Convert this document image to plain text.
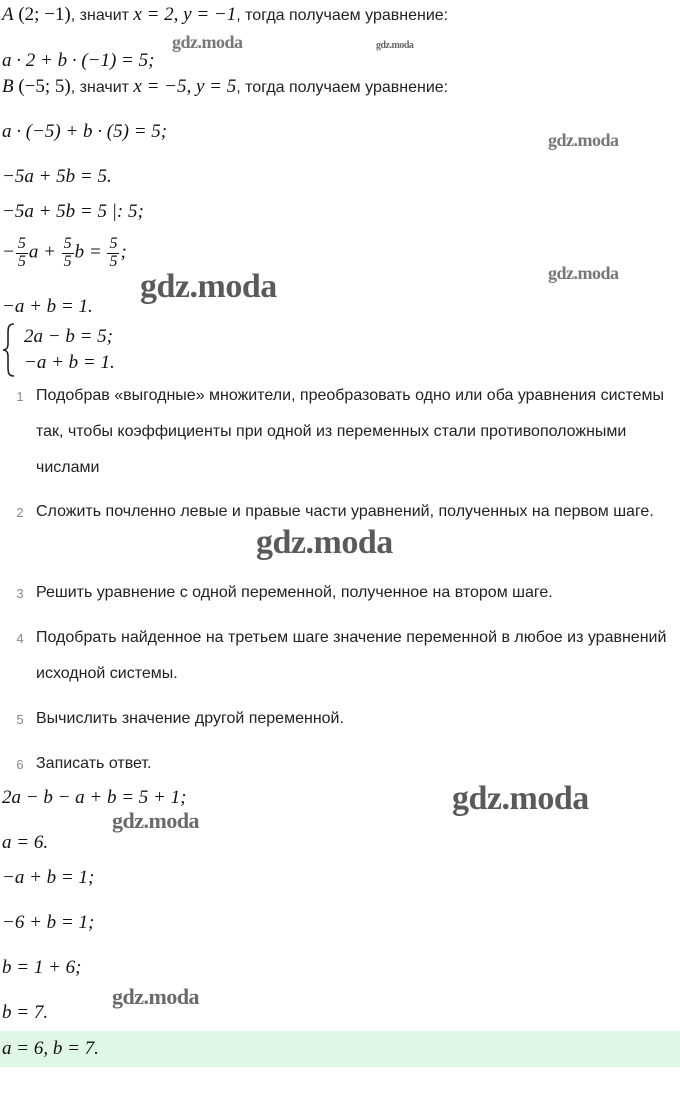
A (2; −1), значит x = 2, y = −1, тогда получаем уравнение:
a · 2 + b · (−1) = 5;
B (−5; 5), значит x = −5, y = 5, тогда получаем уравнение:
a · (−5) + b · (5) = 5;
−5a + 5b = 5.
−5a + 5b = 5 |: 5;
− $\frac{5}{5}$ $a + \frac{5}{5}$ $b = \frac{5}{5}$ ;
−a + b = 1.
2a − b = 5;
−a + b = 1.
1 Подобрав «выгодные» множители, преобразовать одно или оба уравнения системы так, чтобы коэффициенты при одной из переменных стали противоположными числами
2 Сложить почленно левые и правые части уравнений, полученных на первом шаге.
3 Решить уравнение с одной переменной, полученное на втором шаге.
4 Подобрать найденное на третьем шаге значение переменной в любое из уравнений исходной системы.
5 Вычислить значение другой переменной.
6 Записать ответ.
2a − b − a + b = 5 + 1;
a = 6.
−a + b = 1;
−6 + b = 1;
b = 1 + 6;
b = 7.
a = 6, b = 7.
gdz.moda	gdz.moda
gdz.moda
gdz.moda
gdz.moda
gdz.moda
gdz.moda
gdz.moda
gdz.moda
